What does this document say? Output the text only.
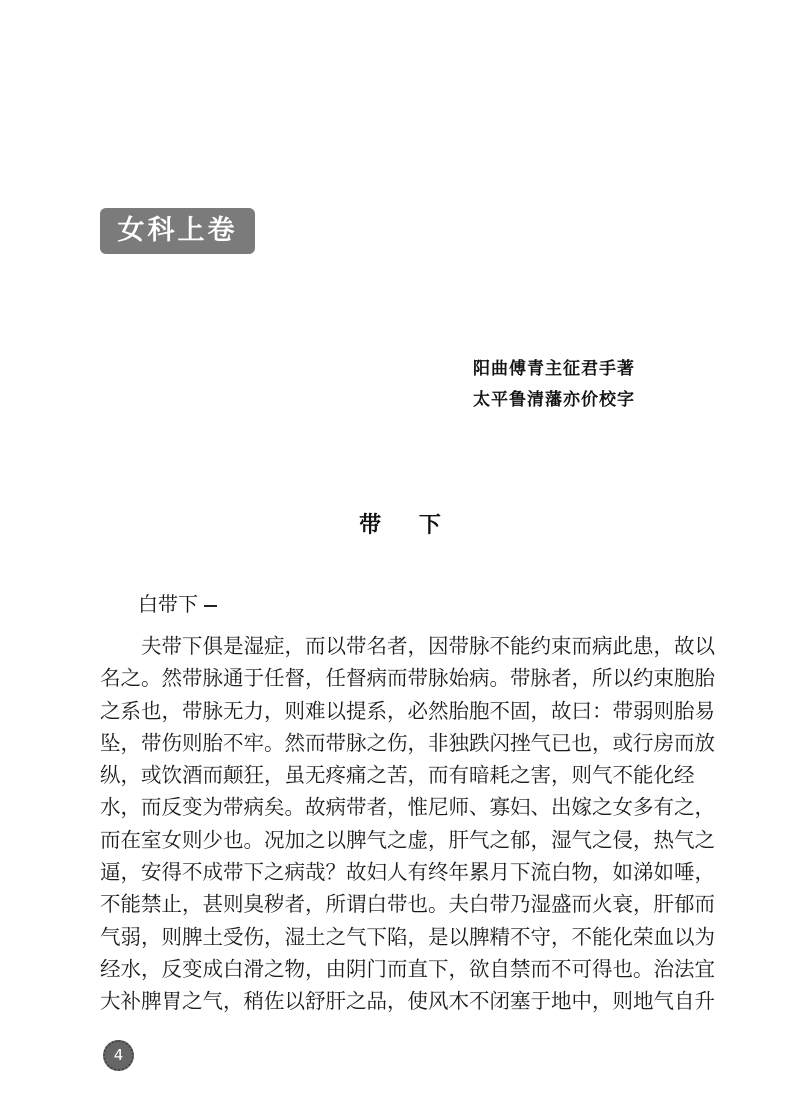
女科上卷
阳曲傅青主征君手著
太平鲁清藩亦价校字
带 下
白带下
　　夫带下俱是湿症，而以带名者，因带脉不能约束而病此患，故以
名之。然带脉通于任督，任督病而带脉始病。带脉者，所以约束胞胎
之系也，带脉无力，则难以提系，必然胎胞不固，故曰：带弱则胎易
坠，带伤则胎不牢。然而带脉之伤，非独跌闪挫气已也，或行房而放
纵，或饮酒而颠狂，虽无疼痛之苦，而有暗耗之害，则气不能化经
水，而反变为带病矣。故病带者，惟尼师、寡妇、出嫁之女多有之，
而在室女则少也。况加之以脾气之虚，肝气之郁，湿气之侵，热气之
逼，安得不成带下之病哉？故妇人有终年累月下流白物，如涕如唾，
不能禁止，甚则臭秽者，所谓白带也。夫白带乃湿盛而火衰，肝郁而
气弱，则脾土受伤，湿土之气下陷，是以脾精不守，不能化荣血以为
经水，反变成白滑之物，由阴门而直下，欲自禁而不可得也。治法宜
大补脾胃之气，稍佐以舒肝之品，使风木不闭塞于地中，则地气自升
4
